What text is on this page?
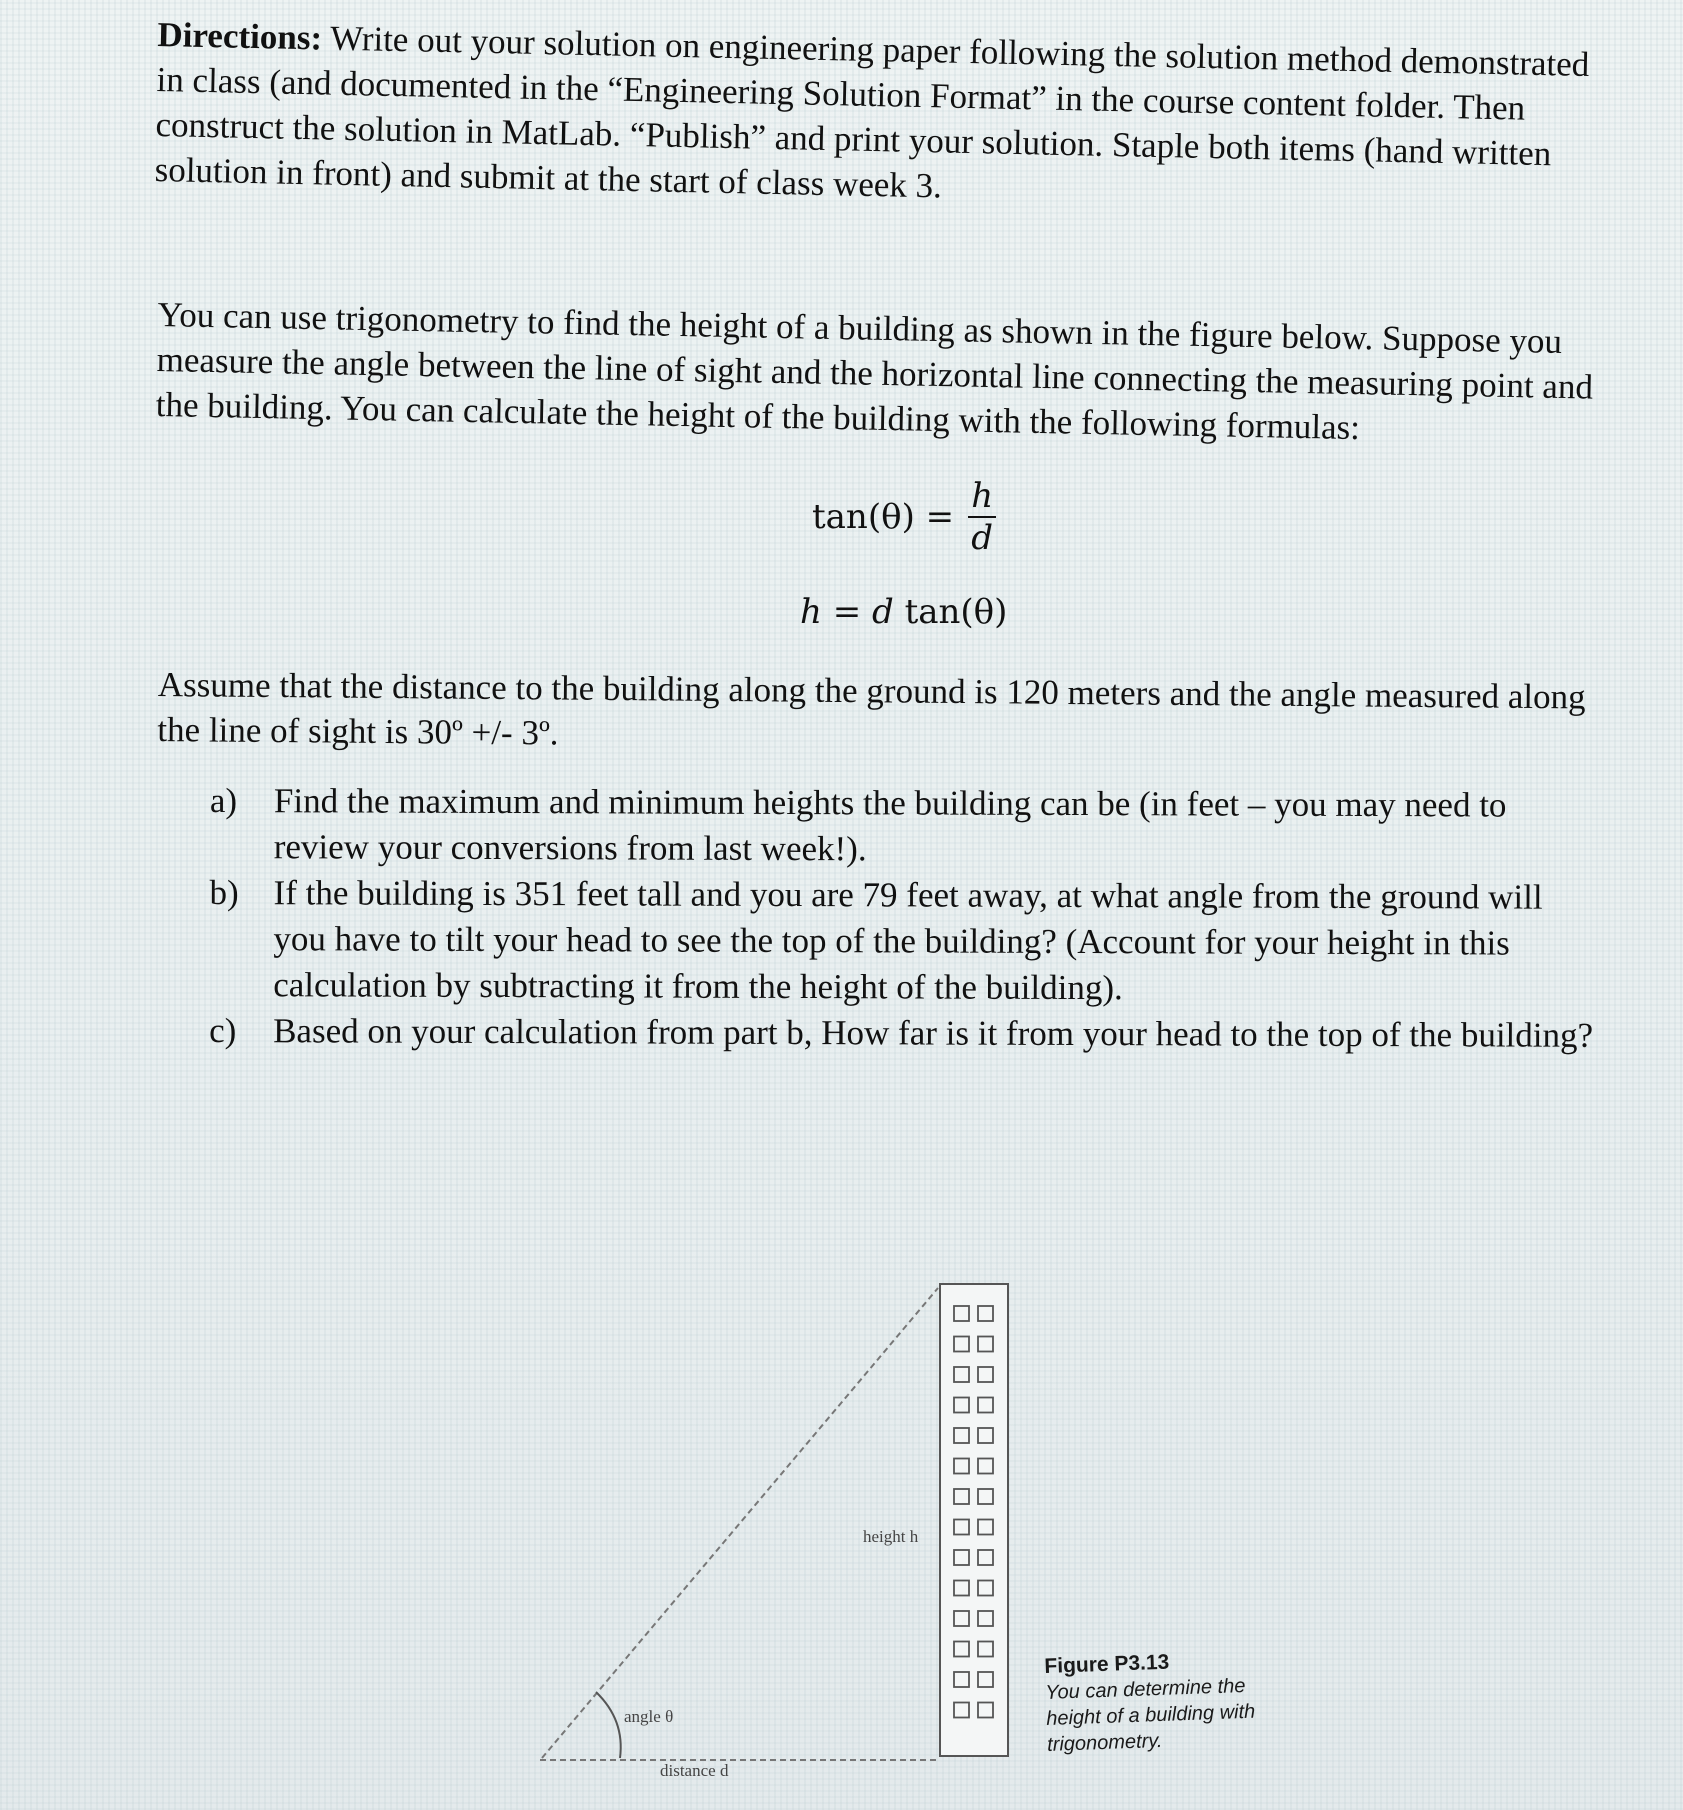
Directions: Write out your solution on engineering paper following the solution method demonstrated in class (and documented in the “Engineering Solution Format” in the course content folder. Then construct the solution in MatLab. “Publish” and print your solution. Staple both items (hand written solution in front) and submit at the start of class week 3.
You can use trigonometry to find the height of a building as shown in the figure below. Suppose you measure the angle between the line of sight and the horizontal line connecting the measuring point and the building. You can calculate the height of the building with the following formulas:
$\tan(\theta) = \frac{h}{d}$
h = d tan(θ)
Assume that the distance to the building along the ground is 120 meters and the angle measured along the line of sight is 30º +/- 3º.
a)	Find the maximum and minimum heights the building can be (in feet – you may need to review your conversions from last week!).
b) If the building is 351 feet tall and you are 79 feet away, at what angle from the ground will you have to tilt your head to see the top of the building? (Account for your height in this calculation by subtracting it from the height of the building).
c)	Based on your calculation from part b, How far is it from your head to the top of the building?
height h
angle θ
distance d
Figure P3.13
You can determine the height of a building with trigonometry.
